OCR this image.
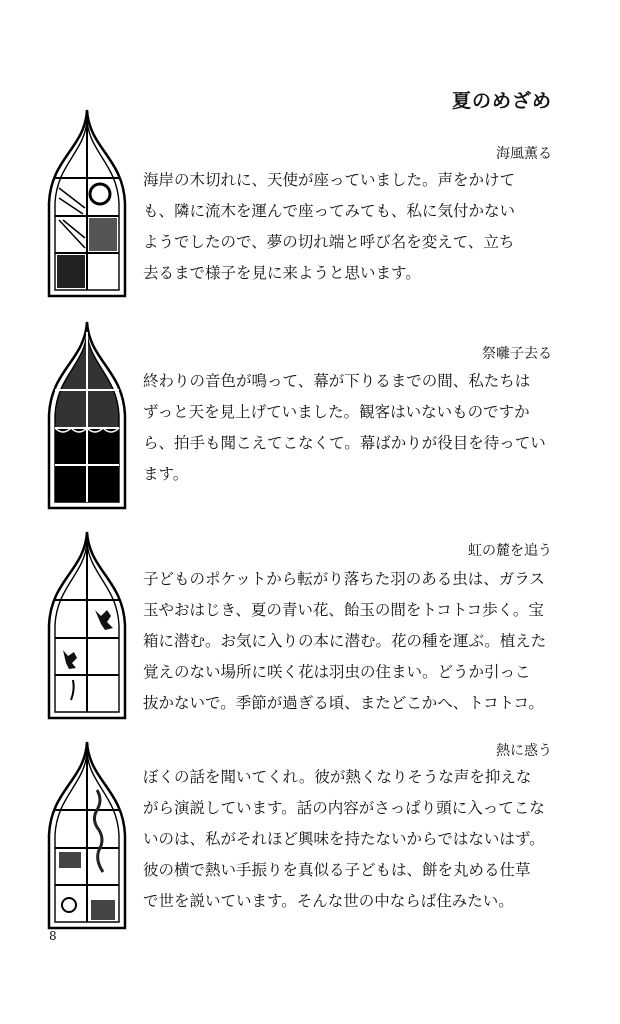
夏のめざめ
海風薫る
海岸の木切れに、天使が座っていました。声をかけて
も、隣に流木を運んで座ってみても、私に気付かない
ようでしたので、夢の切れ端と呼び名を変えて、立ち
去るまで様子を見に来ようと思います。
祭囃子去る
終わりの音色が鳴って、幕が下りるまでの間、私たちは
ずっと天を見上げていました。観客はいないものですか
ら、拍手も聞こえてこなくて。幕ばかりが役目を待ってい
ます。
虹の麓を追う
子どものポケットから転がり落ちた羽のある虫は、ガラス
玉やおはじき、夏の青い花、飴玉の間をトコトコ歩く。宝
箱に潜む。お気に入りの本に潜む。花の種を運ぶ。植えた
覚えのない場所に咲く花は羽虫の住まい。どうか引っこ
抜かないで。季節が過ぎる頃、またどこかへ、トコトコ。
熱に惑う
ぼくの話を聞いてくれ。彼が熱くなりそうな声を抑えな
がら演説しています。話の内容がさっぱり頭に入ってこな
いのは、私がそれほど興味を持たないからではないはず。
彼の横で熱い手振りを真似る子どもは、餅を丸める仕草
で世を説いています。そんな世の中ならば住みたい。
8
